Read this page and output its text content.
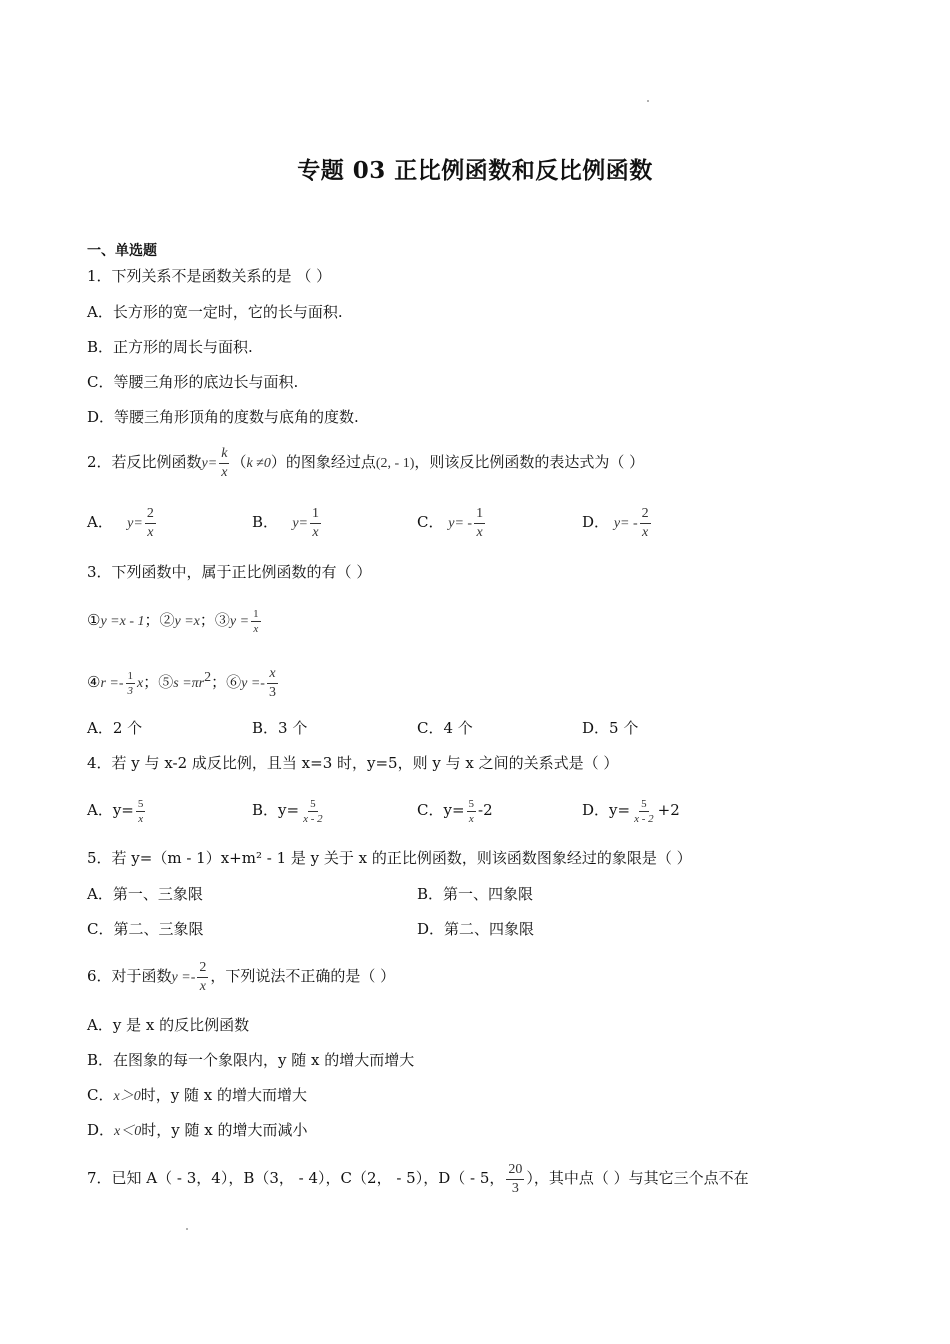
专题 03 正比例函数和反比例函数
一、单选题
1．下列关系不是函数关系的是 （ ）
A．长方形的宽一定时，它的长与面积.
B．正方形的周长与面积.
C．等腰三角形的底边长与面积.
D．等腰三角形顶角的度数与底角的度数.
2．若反比例函数$y= \frac{k}{x} (k \ne 0)$的图象经过点(2, - 1)，则该反比例函数的表达式为（ ）
A． $y= \frac{2}{x}$	B． $y= \frac{1}{x}$	C． $y= - \frac{1}{x}$	D． $y= - \frac{2}{x}$
3．下列函数中，属于正比例函数的有（ ）
①y =x - 1；②y =x；③y = $\frac{1}{x}$
④r =- $\frac{1}{3}$ x；⑤s $=\pi r^2$；⑥y =- $\frac{x}{3}$
A．2 个	B．3 个	C．4 个	D．5 个
4．若 y 与 x-2 成反比例，且当 x=3 时，y=5，则 y 与 x 之间的关系式是（ ）
A．$y= \frac{5}{x}$	B．$y= \frac{5}{x - 2}$	C．$y= \frac{5}{x} -2$	D．$y= \frac{5}{x - 2} +2$
5．若 y=（m - 1）x+m² - 1 是 y 关于 x 的正比例函数，则该函数图象经过的象限是（ ）
A．第一、三象限	B．第一、四象限
C．第二、三象限	D．第二、四象限
6．对于函数$y =- \frac{2}{x}$ ，下列说法不正确的是（ ）
A．y 是 x 的反比例函数
B．在图象的每一个象限内，y 随 x 的增大而增大
C．x＞0时，y 随 x 的增大而增大
D．x＜0时，y 随 x 的增大而减小
7．已知 A（ - 3，4），B（3， - 4），C（2， - 5），D（ - 5， $\frac{20}{3}$ ），其中点（ ）与其它三个点不在
